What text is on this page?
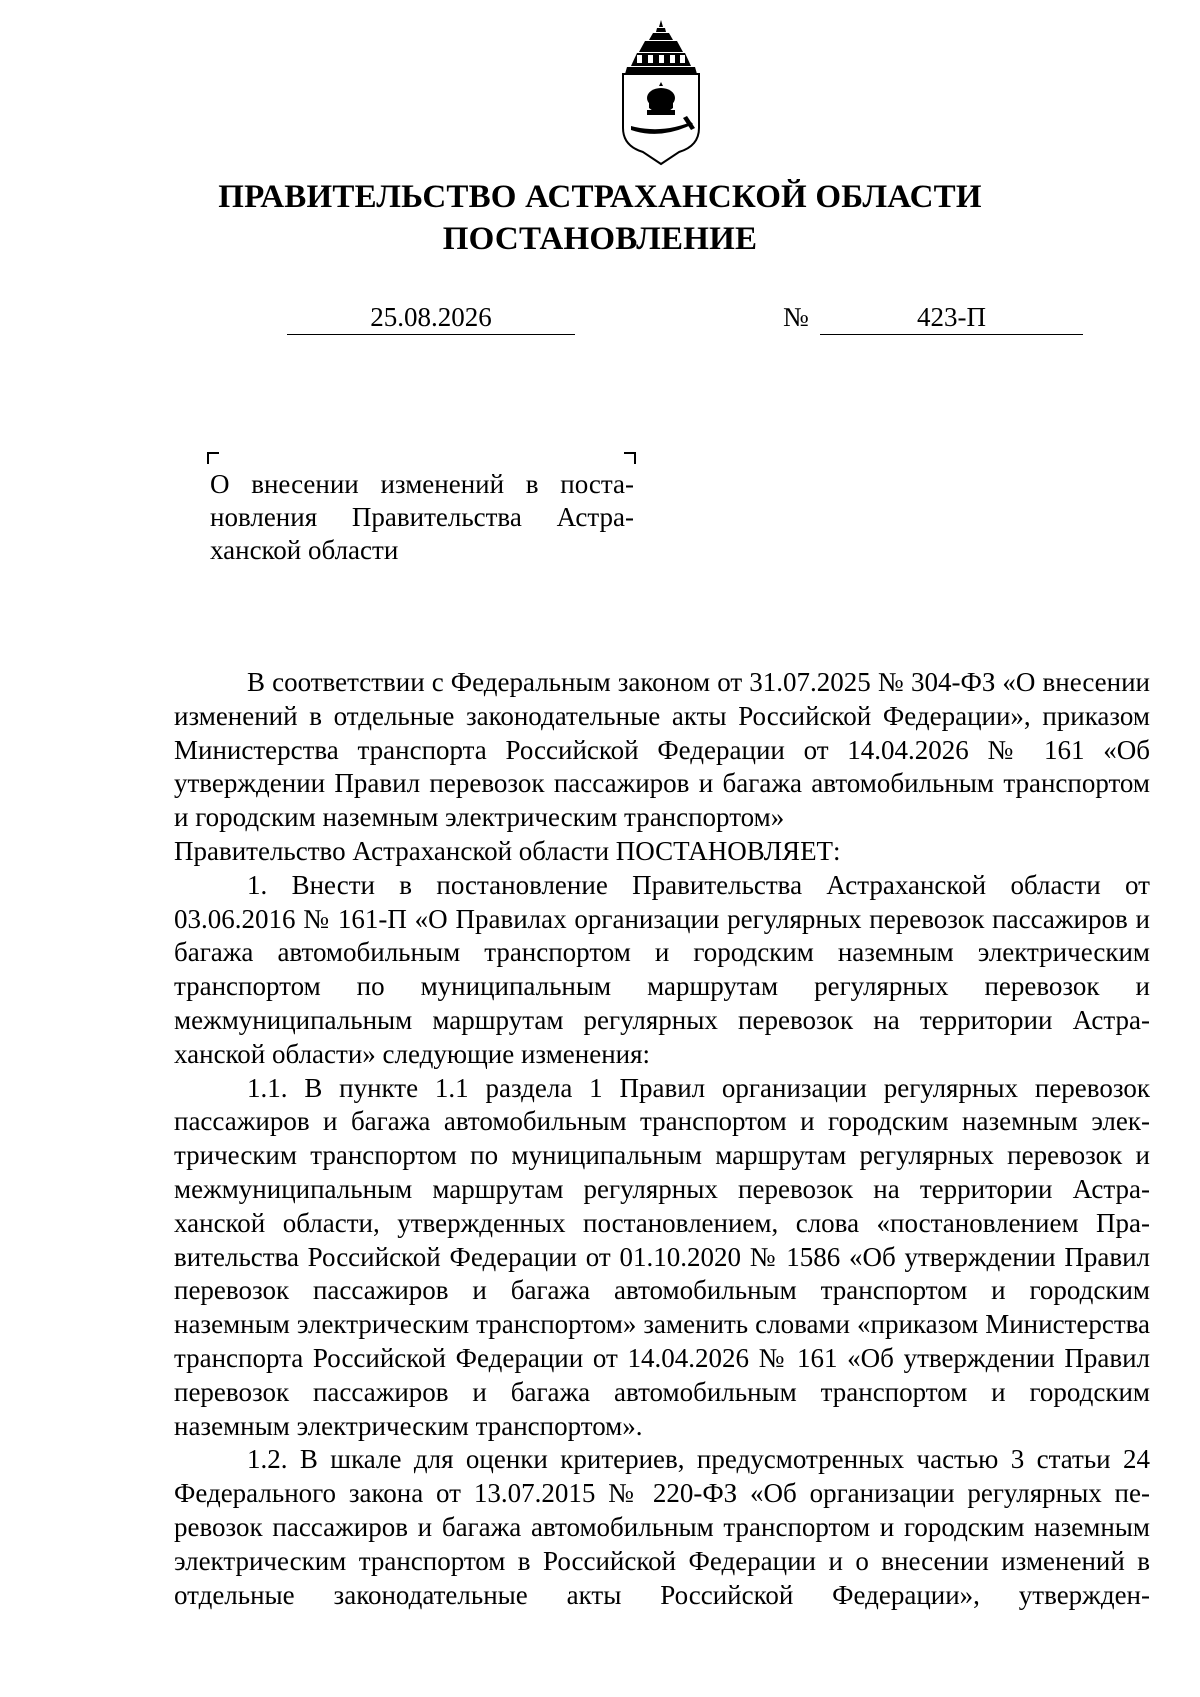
ПРАВИТЕЛЬСТВО АСТРАХАНСКОЙ ОБЛАСТИ
ПОСТАНОВЛЕНИЕ
25.08.2026	№	423-П
О внесении изменений в постановления Правительства Астраханской области

В соответствии с Федеральным законом от 31.07.2025 № 304-ФЗ «О внесении изменений в отдельные законодательные акты Российской Федерации», приказом Министерства транспорта Российской Федерации от 14.04.2026 № 161 «Об утверждении Правил перевозок пассажиров и багажа автомобильным транспортом и городским наземным электрическим транспортом»

Правительство Астраханской области ПОСТАНОВЛЯЕТ:

1. Внести в постановление Правительства Астраханской области от 03.06.2016 № 161-П «О Правилах организации регулярных перевозок пассажиров и багажа автомобильным транспортом и городским наземным электрическим транспортом по муниципальным маршрутам регулярных перевозок и межмуниципальным маршрутам регулярных перевозок на территории Астраханской области» следующие изменения:

1.1. В пункте 1.1 раздела 1 Правил организации регулярных перевозок пассажиров и багажа автомобильным транспортом и городским наземным электрическим транспортом по муниципальным маршрутам регулярных перевозок и межмуниципальным маршрутам регулярных перевозок на территории Астраханской области, утвержденных постановлением, слова «постановлением Правительства Российской Федерации от 01.10.2020 № 1586 «Об утверждении Правил перевозок пассажиров и багажа автомобильным транспортом и городским наземным электрическим транспортом» заменить словами «приказом Министерства транспорта Российской Федерации от 14.04.2026 № 161 «Об утверждении Правил перевозок пассажиров и багажа автомобильным транспортом и городским наземным электрическим транспортом».

1.2. В шкале для оценки критериев, предусмотренных частью 3 статьи 24 Федерального закона от 13.07.2015 № 220-ФЗ «Об организации регулярных перевозок пассажиров и багажа автомобильным транспортом и городским наземным электрическим транспортом в Российской Федерации и о внесении изменений в отдельные законодательные акты Российской Федерации», утвержден-
